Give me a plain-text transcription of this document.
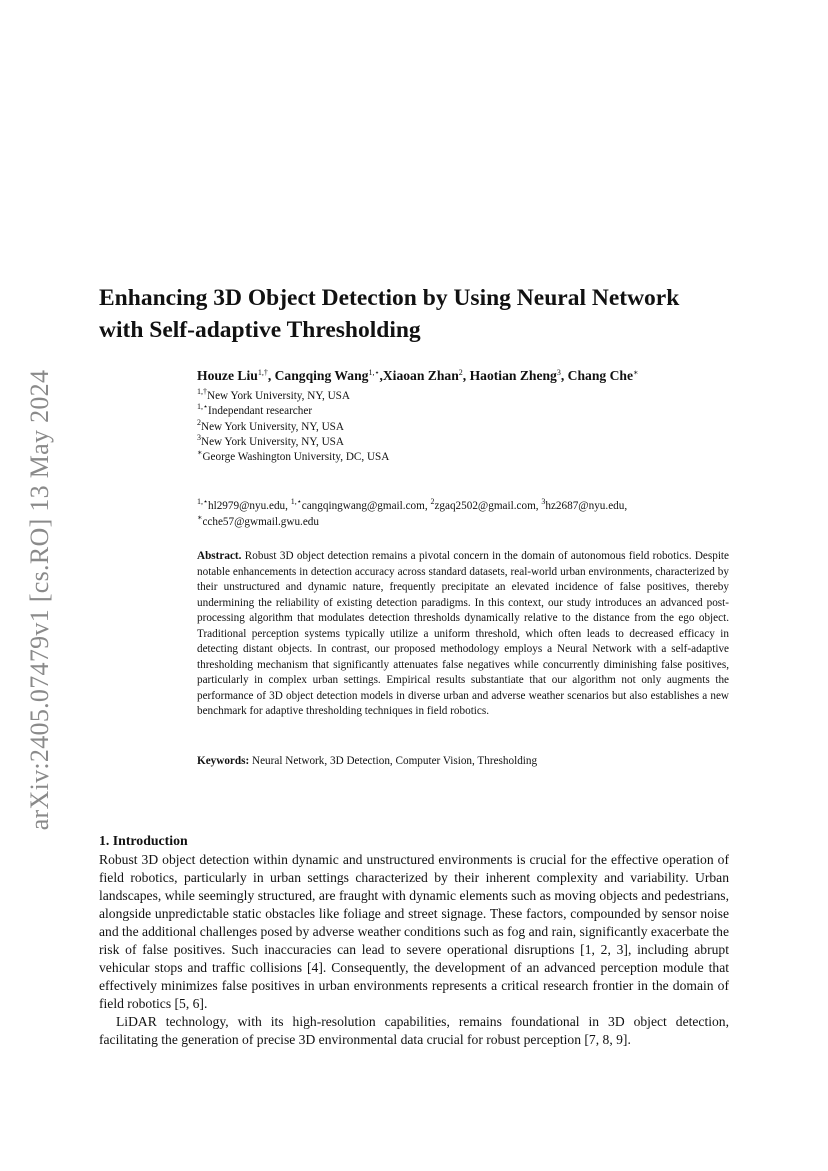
arXiv:2405.07479v1 [cs.RO] 13 May 2024
Enhancing 3D Object Detection by Using Neural Network
with Self-adaptive Thresholding
Houze Liu$^{1,\dagger}$, Cangqing Wang$^{1,⋆}$,Xiaoan Zhan$^2$, Haotian Zheng$^3$, Chang Che∗
$^{1,\dagger}$New York University, NY, USA
$^{1,⋆}$Independant researcher
$^2$New York University, NY, USA
$^3$New York University, NY, USA
∗George Washington University, DC, USA
$^{1,⋆}$hl2979@nyu.edu, $^{1,⋆}$cangqingwang@gmail.com, $^2$zgaq2502@gmail.com, $^3$hz2687@nyu.edu,
∗cche57@gwmail.gwu.edu

Abstract. Robust 3D object detection remains a pivotal concern in the domain of autonomous field robotics. Despite notable enhancements in detection accuracy across standard datasets, real-world urban environments, characterized by their unstructured and dynamic nature, frequently precipitate an elevated incidence of false positives, thereby undermining the reliability of existing detection paradigms. In this context, our study introduces an advanced post-processing algorithm that modulates detection thresholds dynamically relative to the distance from the ego object. Traditional perception systems typically utilize a uniform threshold, which often leads to decreased efficacy in detecting distant objects. In contrast, our proposed methodology employs a Neural Network with a self-adaptive thresholding mechanism that significantly attenuates false negatives while concurrently diminishing false positives, particularly in complex urban settings. Empirical results substantiate that our algorithm not only augments the performance of 3D object detection models in diverse urban and adverse weather scenarios but also establishes a new benchmark for adaptive thresholding techniques in field robotics.

Keywords: Neural Network, 3D Detection, Computer Vision, Thresholding
1. Introduction

Robust 3D object detection within dynamic and unstructured environments is crucial for the effective operation of field robotics, particularly in urban settings characterized by their inherent complexity and variability. Urban landscapes, while seemingly structured, are fraught with dynamic elements such as moving objects and pedestrians, alongside unpredictable static obstacles like foliage and street signage. These factors, compounded by sensor noise and the additional challenges posed by adverse weather conditions such as fog and rain, significantly exacerbate the risk of false positives. Such inaccuracies can lead to severe operational disruptions [1, 2, 3], including abrupt vehicular stops and traffic collisions [4]. Consequently, the development of an advanced perception module that effectively minimizes false positives in urban environments represents a critical research frontier in the domain of field robotics [5, 6].

LiDAR technology, with its high-resolution capabilities, remains foundational in 3D object detection, facilitating the generation of precise 3D environmental data crucial for robust perception [7, 8, 9].
